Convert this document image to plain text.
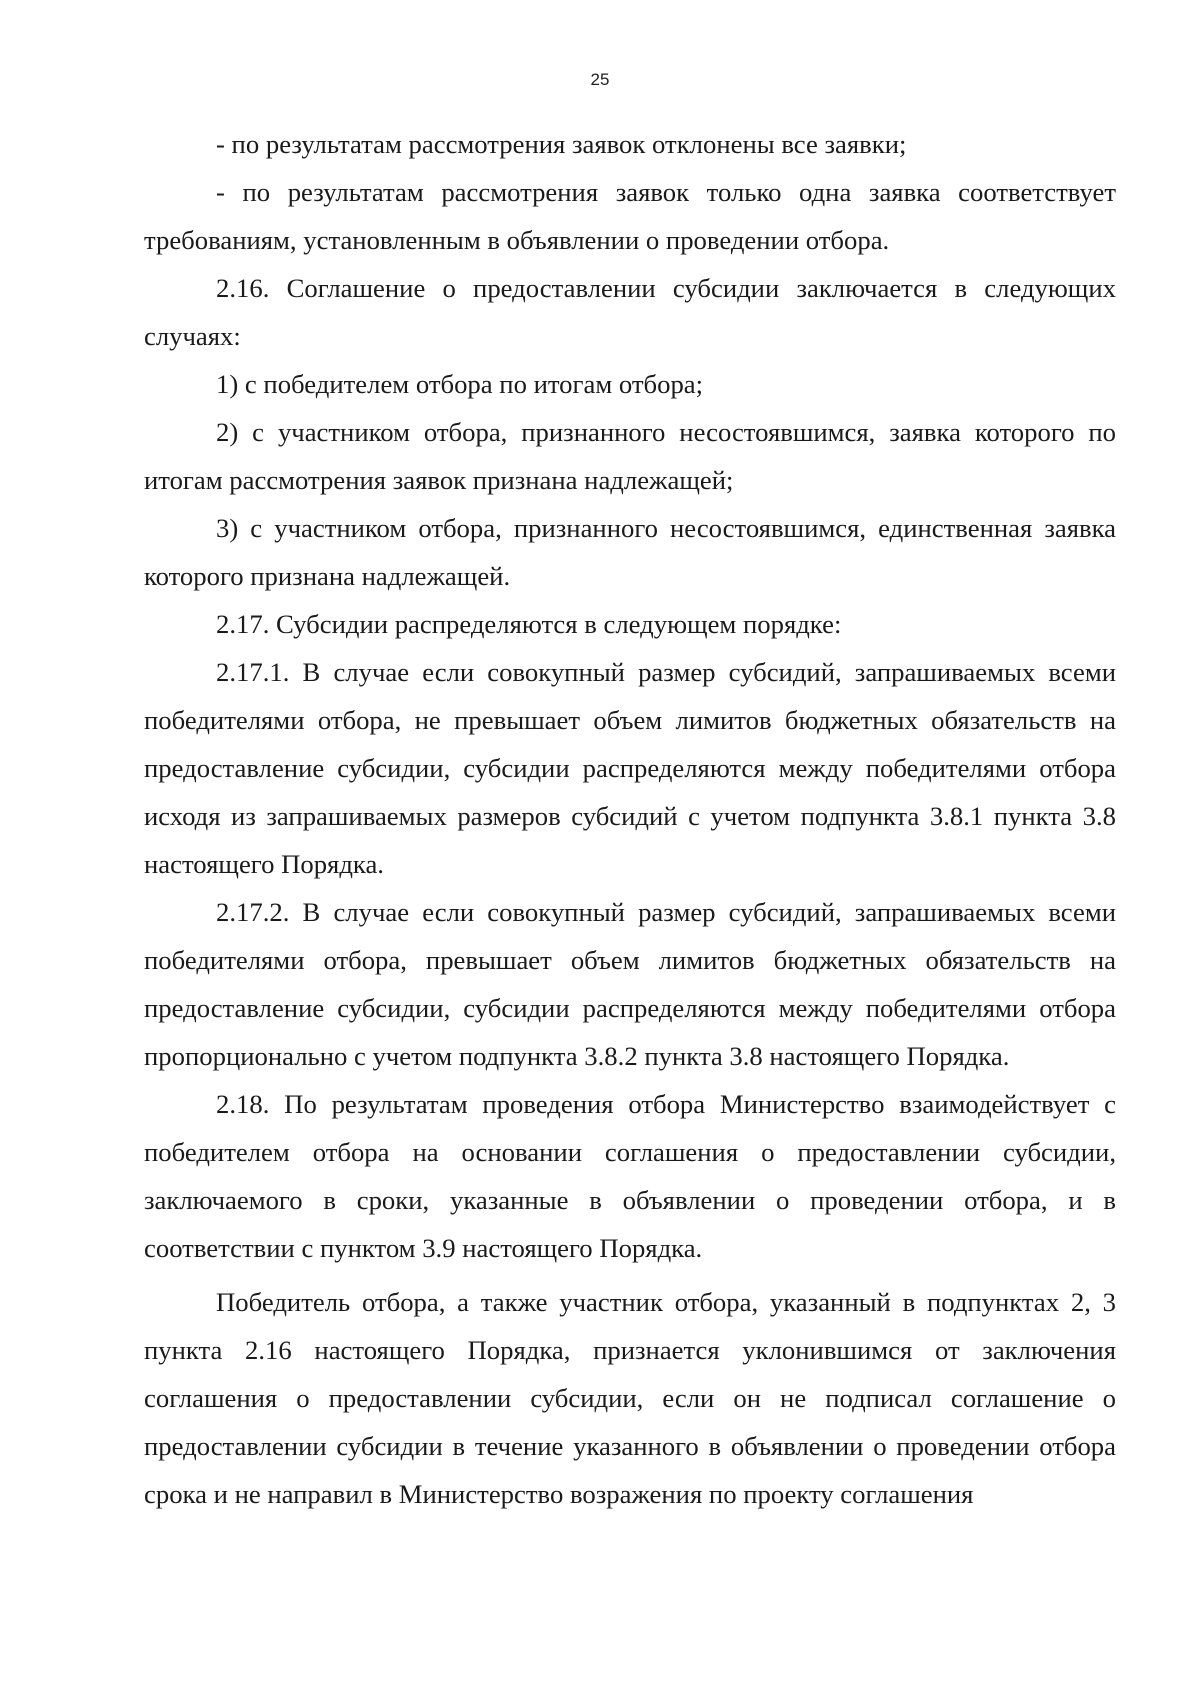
25

- по результатам рассмотрения заявок отклонены все заявки;

- по результатам рассмотрения заявок только одна заявка соответствует требованиям, установленным в объявлении о проведении отбора.

2.16. Соглашение о предоставлении субсидии заключается в следующих случаях:

1) с победителем отбора по итогам отбора;

2) с участником отбора, признанного несостоявшимся, заявка которого по итогам рассмотрения заявок признана надлежащей;

3) с участником отбора, признанного несостоявшимся, единственная заявка которого признана надлежащей.

2.17. Субсидии распределяются в следующем порядке:

2.17.1. В случае если совокупный размер субсидий, запрашиваемых всеми победителями отбора, не превышает объем лимитов бюджетных обязательств на предоставление субсидии, субсидии распределяются между победителями отбора исходя из запрашиваемых размеров субсидий с учетом подпункта 3.8.1 пункта 3.8 настоящего Порядка.

2.17.2. В случае если совокупный размер субсидий, запрашиваемых всеми победителями отбора, превышает объем лимитов бюджетных обязательств на предоставление субсидии, субсидии распределяются между победителями отбора пропорционально с учетом подпункта 3.8.2 пункта 3.8 настоящего Порядка.

2.18. По результатам проведения отбора Министерство взаимодействует с победителем отбора на основании соглашения о предоставлении субсидии, заключаемого в сроки, указанные в объявлении о проведении отбора, и в соответствии с пунктом 3.9 настоящего Порядка.

Победитель отбора, а также участник отбора, указанный в подпунктах 2, 3 пункта 2.16 настоящего Порядка, признается уклонившимся от заключения соглашения о предоставлении субсидии, если он не подписал соглашение о предоставлении субсидии в течение указанного в объявлении о проведении отбора срока и не направил в Министерство возражения по проекту соглашения
